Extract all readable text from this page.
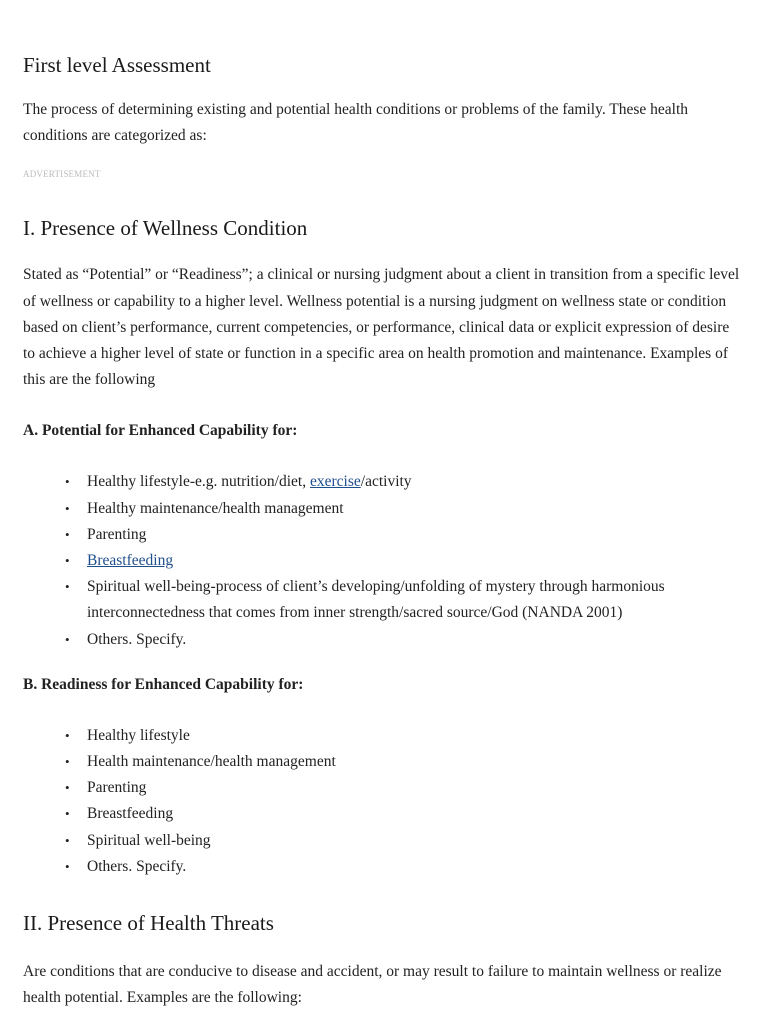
First level Assessment

The process of determining existing and potential health conditions or problems of the family. These health conditions are categorized as:

ADVERTISEMENT
I. Presence of Wellness Condition

Stated as “Potential” or “Readiness”; a clinical or nursing judgment about a client in transition from a specific level of wellness or capability to a higher level. Wellness potential is a nursing judgment on wellness state or condition based on client’s performance, current competencies, or performance, clinical data or explicit expression of desire to achieve a higher level of state or function in a specific area on health promotion and maintenance. Examples of this are the following

A. Potential for Enhanced Capability for:
• Healthy lifestyle-e.g. nutrition/diet, exercise/activity
• Healthy maintenance/health management
• Parenting
• Breastfeeding
• Spiritual well-being-process of client’s developing/unfolding of mystery through harmonious interconnectedness that comes from inner strength/sacred source/God (NANDA 2001)
• Others. Specify.
B. Readiness for Enhanced Capability for:
• Healthy lifestyle
• Health maintenance/health management
• Parenting
• Breastfeeding
• Spiritual well-being
• Others. Specify.
II. Presence of Health Threats

Are conditions that are conducive to disease and accident, or may result to failure to maintain wellness or realize health potential. Examples are the following:
